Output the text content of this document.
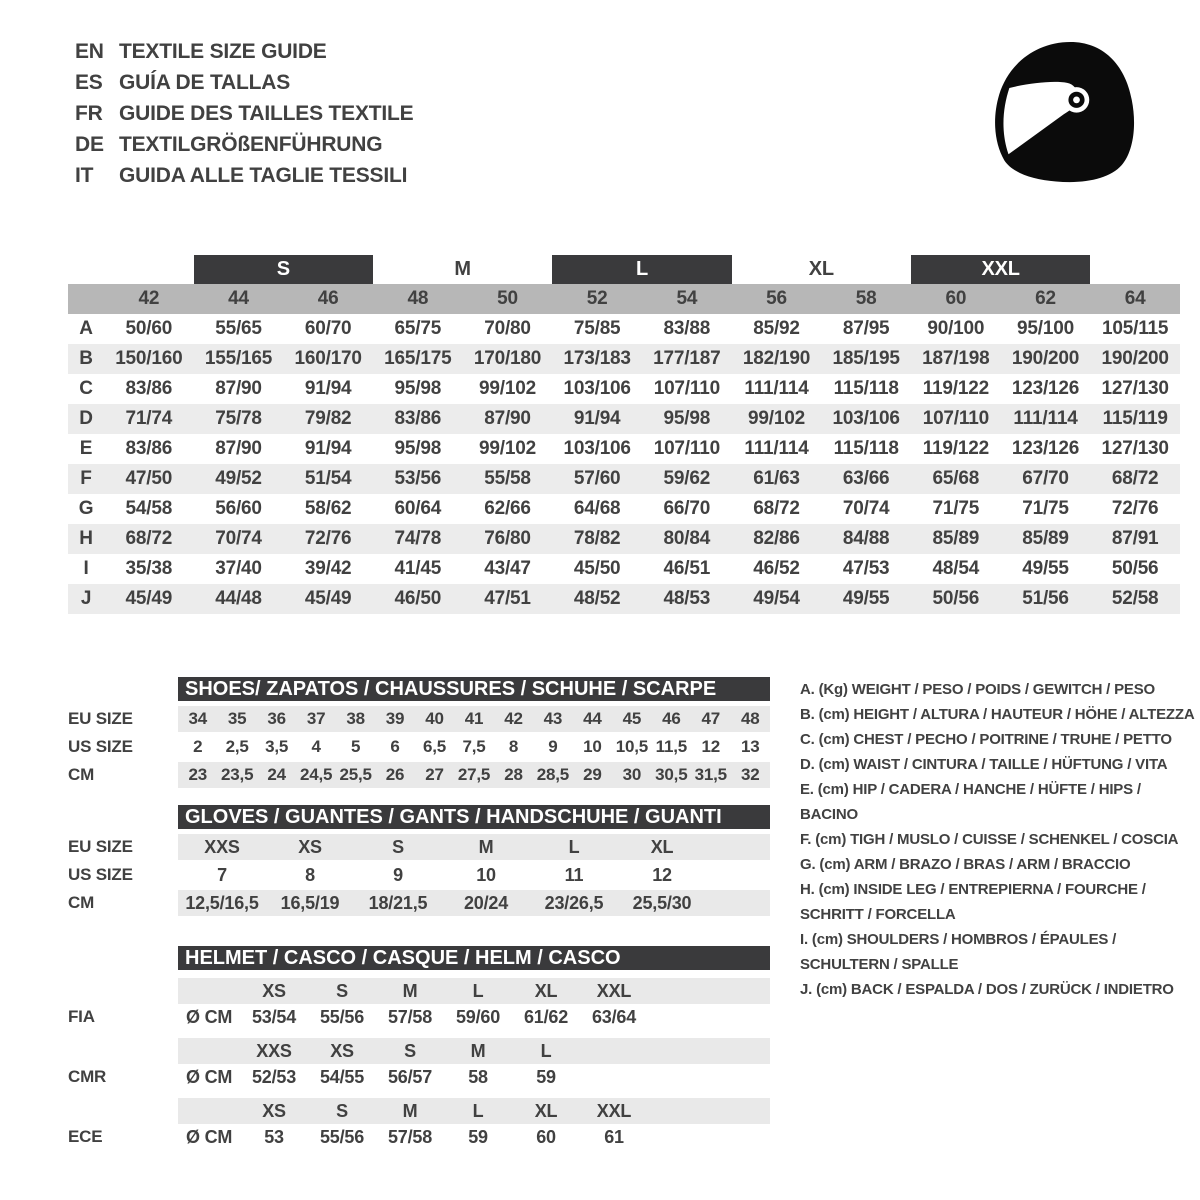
EN TEXTILE SIZE GUIDE
ES GUÍA DE TALLAS
FR GUIDE DES TAILLES TEXTILE
DE TEXTILGRÖßENFÜHRUNG
IT	GUIDA ALLE TAGLIE TESSILI
S	M	L	XL	XXL
42	44	46	48	50	52	54	56	58	60	62	64
A	50/60	55/65	60/70	65/75	70/80	75/85	83/88	85/92	87/95	90/100	95/100	105/115
B	150/160	155/165	160/170	165/175	170/180	173/183	177/187	182/190	185/195	187/198	190/200	190/200
C	83/86	87/90	91/94	95/98	99/102	103/106	107/110	111/114	115/118	119/122	123/126	127/130
D	71/74	75/78	79/82	83/86	87/90	91/94	95/98	99/102	103/106	107/110	111/114	115/119
E	83/86	87/90	91/94	95/98	99/102	103/106	107/110	111/114	115/118	119/122	123/126	127/130
F	47/50	49/52	51/54	53/56	55/58	57/60	59/62	61/63	63/66	65/68	67/70	68/72
G	54/58	56/60	58/62	60/64	62/66	64/68	66/70	68/72	70/74	71/75	71/75	72/76
H	68/72	70/74	72/76	74/78	76/80	78/82	80/84	82/86	84/88	85/89	85/89	87/91
I	35/38	37/40	39/42	41/45	43/47	45/50	46/51	46/52	47/53	48/54	49/55	50/56
J	45/49	44/48	45/49	46/50	47/51	48/52	48/53	49/54	49/55	50/56	51/56	52/58
SHOES/ ZAPATOS / CHAUSSURES / SCHUHE / SCARPE
EU SIZE	34	35	36	37	38	39	40	41	42	43	44	45	46	47	48
US SIZE	2	2,5 3,5	4	5	6	6,5 7,5	8	9	10 10,5 11,5 12	13
CM	23 23,5 24 24,5 25,5 26	27 27,5 28 28,5 29	30 30,5 31,5 32
GLOVES / GUANTES / GANTS / HANDSCHUHE / GUANTI
EU SIZE	XXS	XS	S	M	L	XL
US SIZE	7	8	9	10	11	12
CM	12,5/16,5	16,5/19	18/21,5	20/24	23/26,5	25,5/30
HELMET / CASCO / CASQUE / HELM / CASCO
XS	S	M	L	XL	XXL
FIA	Ø CM	53/54	55/56	57/58	59/60	61/62	63/64
XXS	XS	S	M	L
CMR	Ø CM	52/53	54/55	56/57	58	59
XS	S	M	L	XL	XXL
ECE	Ø CM	53	55/56	57/58	59	60	61
A. (Kg) WEIGHT / PESO / POIDS / GEWITCH / PESO
B. (cm) HEIGHT / ALTURA / HAUTEUR / HÖHE / ALTEZZA
C. (cm) CHEST / PECHO / POITRINE / TRUHE / PETTO
D. (cm) WAIST / CINTURA / TAILLE / HÜFTUNG / VITA
E. (cm) HIP / CADERA / HANCHE / HÜFTE / HIPS / BACINO
F. (cm) TIGH / MUSLO / CUISSE / SCHENKEL / COSCIA
G. (cm) ARM / BRAZO / BRAS / ARM / BRACCIO
H. (cm) INSIDE LEG / ENTREPIERNA / FOURCHE / SCHRITT / FORCELLA
I. (cm) SHOULDERS / HOMBROS / ÉPAULES / SCHULTERN / SPALLE
J. (cm) BACK / ESPALDA / DOS / ZURÜCK / INDIETRO
